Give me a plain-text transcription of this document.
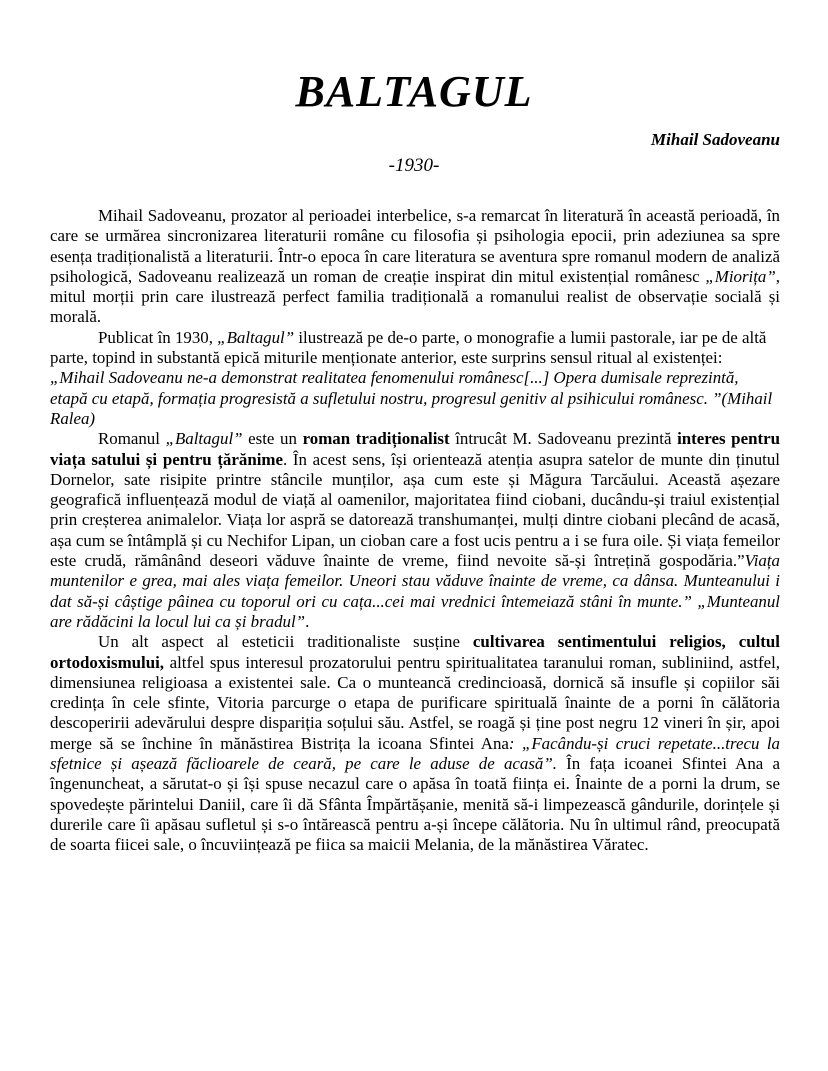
BALTAGUL
Mihail Sadoveanu
-1930-

Mihail Sadoveanu, prozator al perioadei interbelice, s-a remarcat în literatură în această perioadă, în care se urmărea sincronizarea literaturii române cu filosofia și psihologia epocii, prin adeziunea sa spre esența tradiționalistă a literaturii. Într-o epoca în care literatura se aventura spre romanul modern de analiză psihologică, Sadoveanu realizează un roman de creație inspirat din mitul existențial românesc „Miorița”, mitul morții prin care ilustrează perfect familia tradițională a romanului realist de observație socială și morală.

Publicat în 1930, „Baltagul” ilustrează pe de-o parte, o monografie a lumii pastorale, iar pe de altă parte, topind in substantă epică miturile menționate anterior, este surprins sensul ritual al existenței: „Mihail Sadoveanu ne-a demonstrat realitatea fenomenului românesc[...] Opera dumisale reprezintă, etapă cu etapă, formația progresistă a sufletului nostru, progresul genitiv al psihicului românesc. ”(Mihail Ralea)

Romanul „Baltagul” este un roman tradiționalist întrucât M. Sadoveanu prezintă interes pentru viața satului și pentru țărănime. În acest sens, își orientează atenția asupra satelor de munte din ținutul Dornelor, sate risipite printre stâncile munților, așa cum este și Măgura Tarcăului. Această așezare geografică influențează modul de viață al oamenilor, majoritatea fiind ciobani, ducându-și traiul existențial prin creșterea animalelor. Viața lor aspră se datorează transhumanței, mulți dintre ciobani plecând de acasă, așa cum se întâmplă și cu Nechifor Lipan, un cioban care a fost ucis pentru a i se fura oile. Și viața femeilor este crudă, rămânând deseori văduve înainte de vreme, fiind nevoite să-și întrețină gospodăria.”Viața muntenilor e grea, mai ales viața femeilor. Uneori stau văduve înainte de vreme, ca dânsa. Munteanului i dat să-și câștige pâinea cu toporul ori cu cața...cei mai vrednici întemeiază stâni în munte.” „Munteanul are rădăcini la locul lui ca și bradul”.

Un alt aspect al esteticii traditionaliste susține cultivarea sentimentului religios, cultul ortodoxismului, altfel spus interesul prozatorului pentru spiritualitatea taranului roman, subliniind, astfel, dimensiunea religioasa a existentei sale. Ca o munteancă credincioasă, dornică să insufle și copiilor săi credința în cele sfinte, Vitoria parcurge o etapa de purificare spirituală înainte de a porni în călătoria descoperirii adevărului despre dispariția soțului său. Astfel, se roagă și ține post negru 12 vineri în șir, apoi merge să se închine în mănăstirea Bistrița la icoana Sfintei Ana: „Facându-și cruci repetate...trecu la sfetnice și așează făclioarele de ceară, pe care le aduse de acasă”. În fața icoanei Sfintei Ana a îngenuncheat, a sărutat-o și își spuse necazul care o apăsa în toată ființa ei. Înainte de a porni la drum, se spovedește părintelui Daniil, care îi dă Sfânta Împărtășanie, menită să-i limpezească gândurile, dorințele și durerile care îi apăsau sufletul și s-o întărească pentru a-și începe călătoria. Nu în ultimul rând, preocupată de soarta fiicei sale, o încuviințează pe fiica sa maicii Melania, de la mănăstirea Văratec.
